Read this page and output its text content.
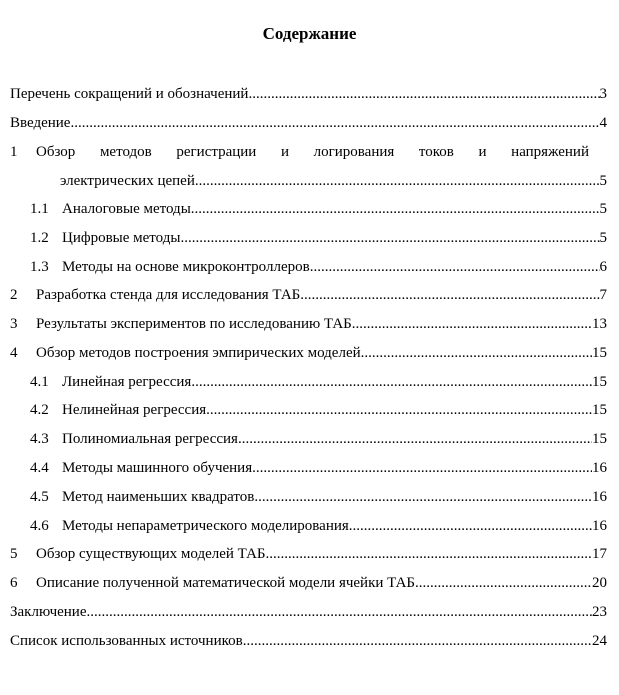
Содержание
Перечень сокращений и обозначений .....	3
Введение .....	4
1	Обзор методов регистрации и логирования токов и напряжений
электрических цепей .....	5
1.1 Аналоговые методы .....	5
1.2 Цифровые методы .....	5
1.3 Методы на основе микроконтроллеров .....	6
2	Разработка стенда для исследования ТАБ .....	7
3	Результаты экспериментов по исследованию ТАБ .....	13
4	Обзор методов построения эмпирических моделей .....	15
4.1 Линейная регрессия .....	15
4.2 Нелинейная регрессия .....	15
4.3 Полиномиальная регрессия .....	15
4.4 Методы машинного обучения .....	16
4.5 Метод наименьших квадратов .....	16
4.6 Методы непараметрического моделирования .....	16
5	Обзор существующих моделей ТАБ .....	17
6	Описание полученной математической модели ячейки ТАБ .....	20
Заключение .....	23
Список использованных источников .....	24
